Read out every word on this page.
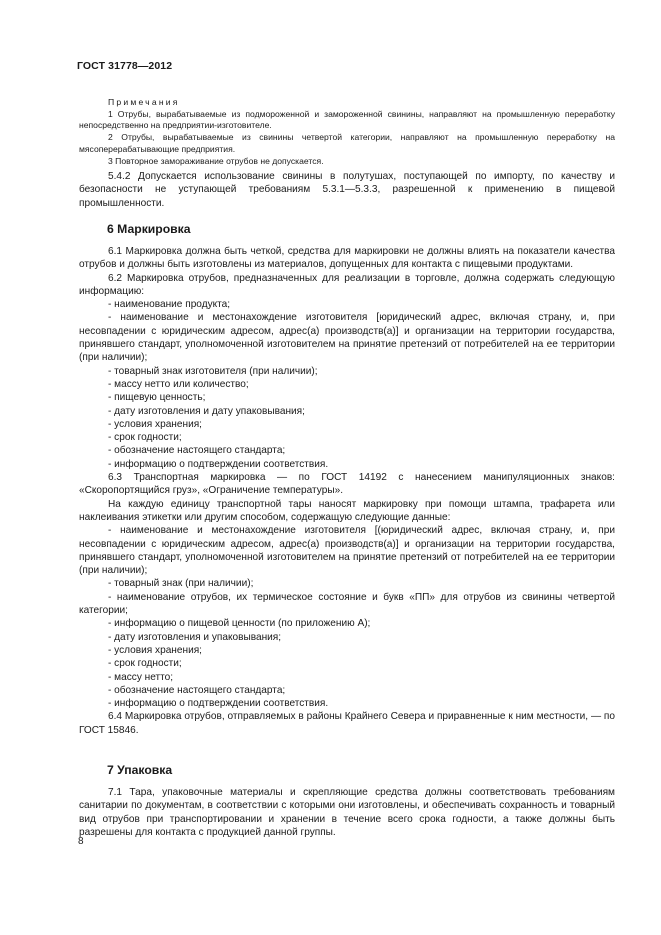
ГОСТ 31778—2012

Примечания

1 Отрубы, вырабатываемые из подмороженной и замороженной свинины, направляют на промышленную переработку непосредственно на предприятии-изготовителе.

2 Отрубы, вырабатываемые из свинины четвертой категории, направляют на промышленную переработку на мясоперерабатывающие предприятия.

3 Повторное замораживание отрубов не допускается.

5.4.2 Допускается использование свинины в полутушах, поступающей по импорту, по качеству и безопасности не уступающей требованиям 5.3.1—5.3.3, разрешенной к применению в пищевой промышленности.

6 Маркировка

6.1 Маркировка должна быть четкой, средства для маркировки не должны влиять на показатели качества отрубов и должны быть изготовлены из материалов, допущенных для контакта с пищевыми продуктами.

6.2 Маркировка отрубов, предназначенных для реализации в торговле, должна содержать следующую информацию:

- наименование продукта;

- наименование и местонахождение изготовителя [юридический адрес, включая страну, и, при несовпадении с юридическим адресом, адрес(а) производств(а)] и организации на территории государства, принявшего стандарт, уполномоченной изготовителем на принятие претензий от потребителей на ее территории (при наличии);

- товарный знак изготовителя (при наличии);

- массу нетто или количество;

- пищевую ценность;

- дату изготовления и дату упаковывания;

- условия хранения;

- срок годности;

- обозначение настоящего стандарта;

- информацию о подтверждении соответствия.

6.3 Транспортная маркировка — по ГОСТ 14192 с нанесением манипуляционных знаков: «Скоропортящийся груз», «Ограничение температуры».

На каждую единицу транспортной тары наносят маркировку при помощи штампа, трафарета или наклеивания этикетки или другим способом, содержащую следующие данные:

- наименование и местонахождение изготовителя [(юридический адрес, включая страну, и, при несовпадении с юридическим адресом, адрес(а) производств(а)] и организации на территории государства, принявшего стандарт, уполномоченной изготовителем на принятие претензий от потребителей на ее территории (при наличии);

- товарный знак (при наличии);

- наименование отрубов, их термическое состояние и букв «ПП» для отрубов из свинины четвертой категории;

- информацию о пищевой ценности (по приложению А);

- дату изготовления и упаковывания;

- условия хранения;

- срок годности;

- массу нетто;

- обозначение настоящего стандарта;

- информацию о подтверждении соответствия.

6.4 Маркировка отрубов, отправляемых в районы Крайнего Севера и приравненные к ним местности, — по ГОСТ 15846.

7 Упаковка

7.1 Тара, упаковочные материалы и скрепляющие средства должны соответствовать требованиям санитарии по документам, в соответствии с которыми они изготовлены, и обеспечивать сохранность и товарный вид отрубов при транспортировании и хранении в течение всего срока годности, а также должны быть разрешены для контакта с продукцией данной группы.

8
